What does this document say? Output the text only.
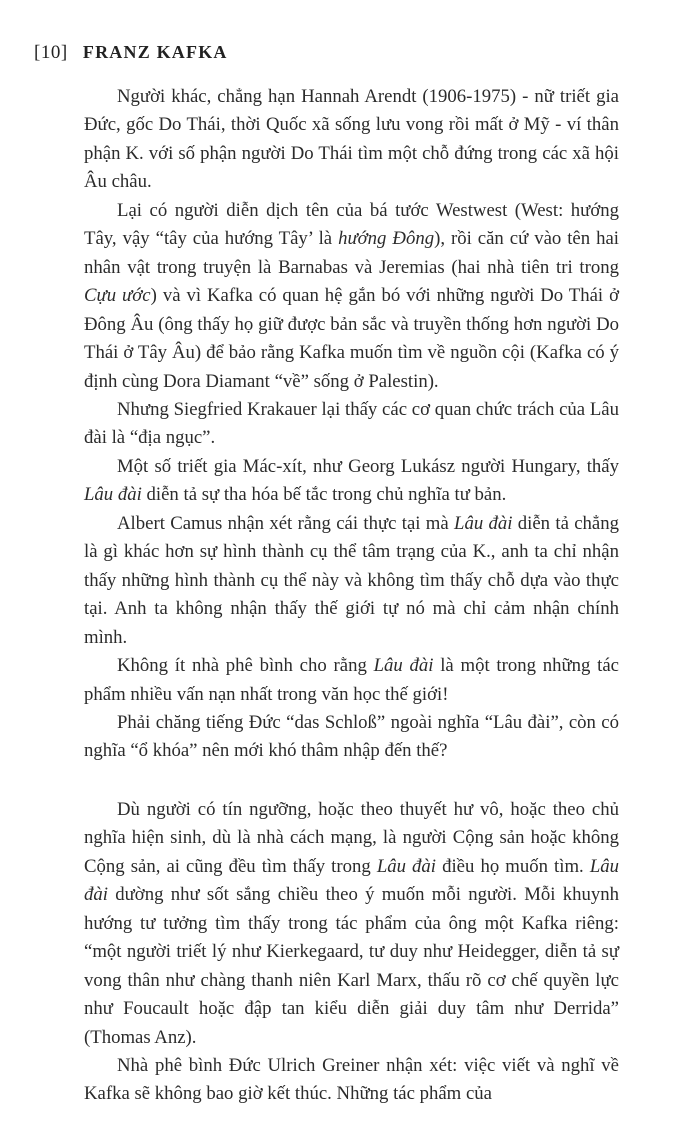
[10] FRANZ KAFKA

Người khác, chẳng hạn Hannah Arendt (1906-1975) - nữ triết gia Đức, gốc Do Thái, thời Quốc xã sống lưu vong rồi mất ở Mỹ - ví thân phận K. với số phận người Do Thái tìm một chỗ đứng trong các xã hội Âu châu.

Lại có người diễn dịch tên của bá tước Westwest (West: hướng Tây, vậy “tây của hướng Tây’ là hướng Đông), rồi căn cứ vào tên hai nhân vật trong truyện là Barnabas và Jeremias (hai nhà tiên tri trong Cựu ước) và vì Kafka có quan hệ gắn bó với những người Do Thái ở Đông Âu (ông thấy họ giữ được bản sắc và truyền thống hơn người Do Thái ở Tây Âu) để bảo rằng Kafka muốn tìm về nguồn cội (Kafka có ý định cùng Dora Diamant “về” sống ở Palestin).

Nhưng Siegfried Krakauer lại thấy các cơ quan chức trách của Lâu đài là “địa ngục”.

Một số triết gia Mác-xít, như Georg Lukász người Hungary, thấy Lâu đài diễn tả sự tha hóa bế tắc trong chủ nghĩa tư bản.

Albert Camus nhận xét rằng cái thực tại mà Lâu đài diễn tả chẳng là gì khác hơn sự hình thành cụ thể tâm trạng của K., anh ta chỉ nhận thấy những hình thành cụ thể này và không tìm thấy chỗ dựa vào thực tại. Anh ta không nhận thấy thế giới tự nó mà chỉ cảm nhận chính mình.

Không ít nhà phê bình cho rằng Lâu đài là một trong những tác phẩm nhiều vấn nạn nhất trong văn học thế giới!

Phải chăng tiếng Đức “das Schloß” ngoài nghĩa “Lâu đài”, còn có nghĩa “ổ khóa” nên mới khó thâm nhập đến thế?

Dù người có tín ngưỡng, hoặc theo thuyết hư vô, hoặc theo chủ nghĩa hiện sinh, dù là nhà cách mạng, là người Cộng sản hoặc không Cộng sản, ai cũng đều tìm thấy trong Lâu đài điều họ muốn tìm. Lâu đài dường như sốt sắng chiều theo ý muốn mỗi người. Mỗi khuynh hướng tư tưởng tìm thấy trong tác phẩm của ông một Kafka riêng: “một người triết lý như Kierkegaard, tư duy như Heidegger, diễn tả sự vong thân như chàng thanh niên Karl Marx, thấu rõ cơ chế quyền lực như Foucault hoặc đập tan kiểu diễn giải duy tâm như Derrida” (Thomas Anz).

Nhà phê bình Đức Ulrich Greiner nhận xét: việc viết và nghĩ về Kafka sẽ không bao giờ kết thúc. Những tác phẩm của
